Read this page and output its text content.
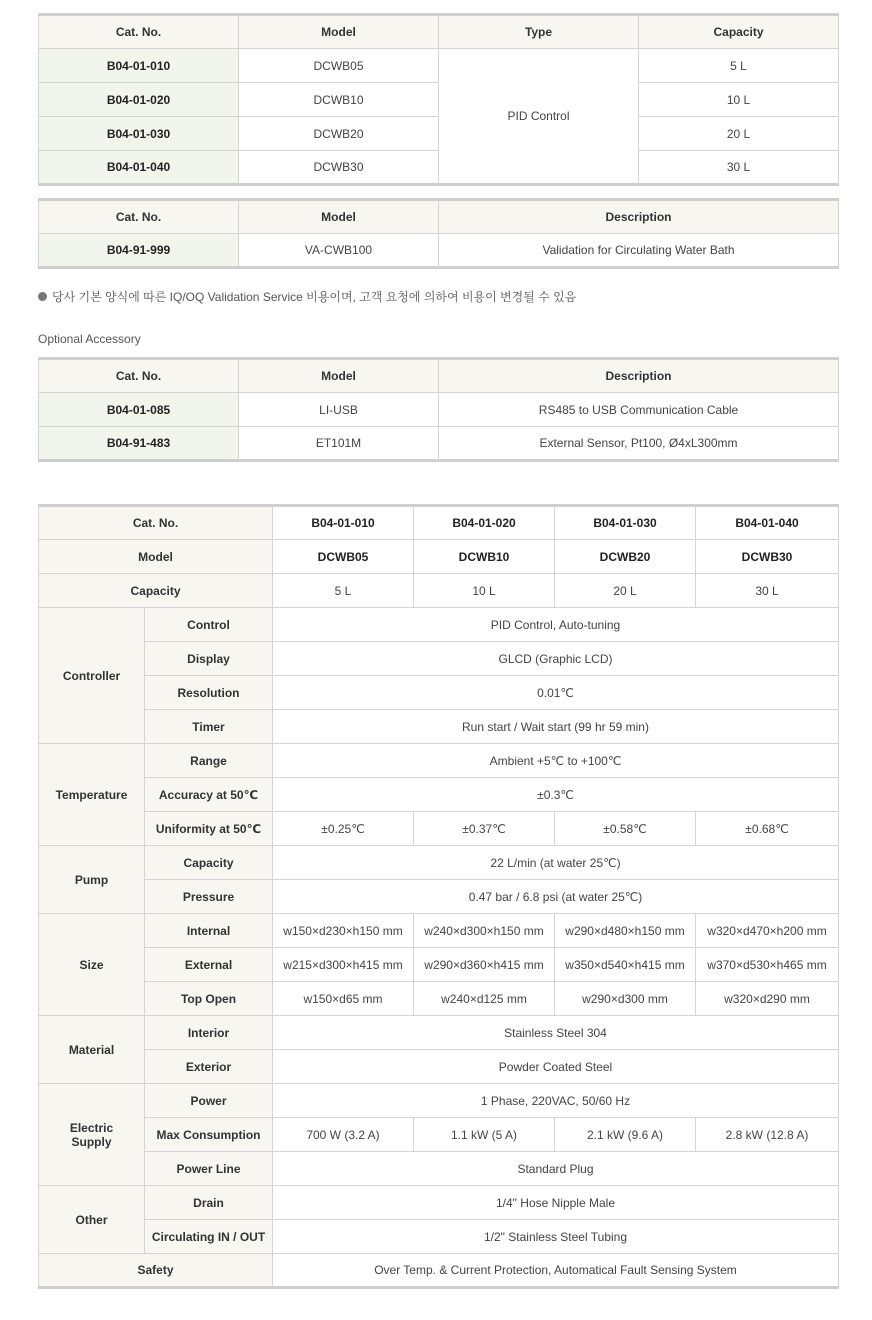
Cat. No.	Model	Type	Capacity
B04-01-010	DCWB05	PID Control	5 L
B04-01-020	DCWB10		10 L
B04-01-030	DCWB20		20 L
B04-01-040	DCWB30		30 L
Cat. No.	Model	Description
B04-91-999	VA-CWB100	Validation for Circulating Water Bath
당사 기본 양식에 따른 IQ/OQ Validation Service 비용이며, 고객 요청에 의하여 비용이 변경될 수 있음
Optional Accessory
Cat. No.	Model	Description
B04-01-085	LI-USB	RS485 to USB Communication Cable
B04-91-483	ET101M	External Sensor, Pt100, Ø4xL300mm
Cat. No.		B04-01-010	B04-01-020	B04-01-030	B04-01-040
Model		DCWB05	DCWB10	DCWB20	DCWB30
Capacity		5 L	10 L	20 L	30 L
Controller	Control	PID Control, Auto-tuning			
	Display	GLCD (Graphic LCD)			
	Resolution	0.01℃			
	Timer	Run start / Wait start (99 hr 59 min)			
Temperature	Range	Ambient +5℃ to +100℃			
	Accuracy at 50℃	±0.3℃			
	Uniformity at 50℃	±0.25℃	±0.37℃	±0.58℃	±0.68℃
Pump	Capacity	22 L/min (at water 25℃)			
	Pressure	0.47 bar / 6.8 psi (at water 25℃)			
Size	Internal	w150×d230×h150 mm	w240×d300×h150 mm	w290×d480×h150 mm	w320×d470×h200 mm
	External	w215×d300×h415 mm	w290×d360×h415 mm	w350×d540×h415 mm	w370×d530×h465 mm
	Top Open	w150×d65 mm	w240×d125 mm	w290×d300 mm	w320×d290 mm
Material	Interior	Stainless Steel 304			
	Exterior	Powder Coated Steel			
Electric Supply	Power	1 Phase, 220VAC, 50/60 Hz			
	Max Consumption	700 W (3.2 A)	1.1 kW (5 A)	2.1 kW (9.6 A)	2.8 kW (12.8 A)
	Power Line	Standard Plug			
Other	Drain	1/4" Hose Nipple Male			
	Circulating IN / OUT	1/2" Stainless Steel Tubing			
Safety		Over Temp. & Current Protection, Automatical Fault Sensing System			
